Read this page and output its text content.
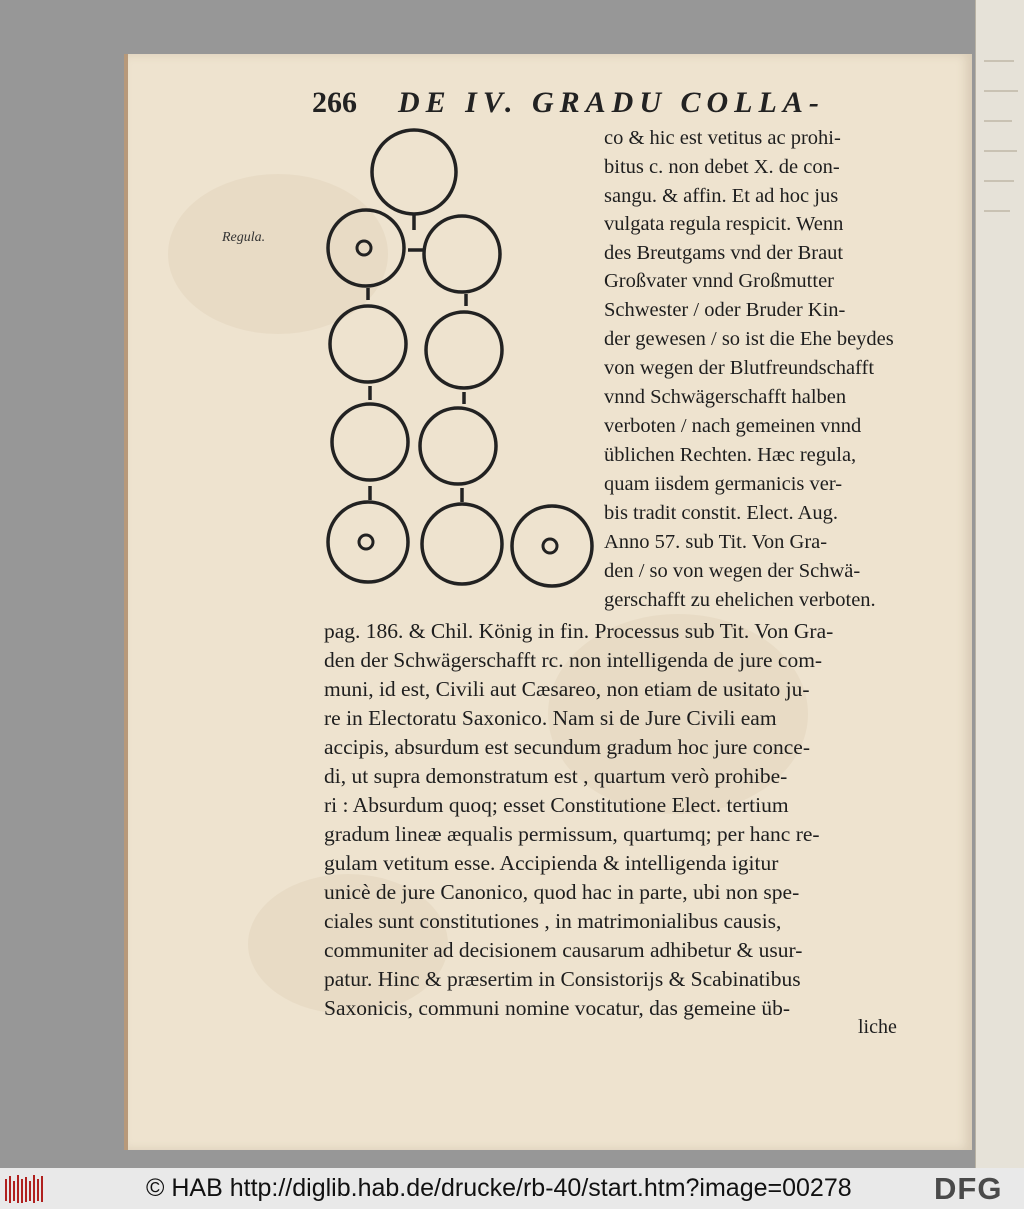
266 DE IV. GRADU COLLA-
Regula.
co & hic est vetitus ac prohi-
bitus c. non debet X. de con-
sangu. & affin. Et ad hoc jus
vulgata regula respicit. Wenn
des Breutgams vnd der Braut
Großvater vnnd Großmutter
Schwester / oder Bruder Kin-
der gewesen / so ist die Ehe beydes
von wegen der Blutfreundschafft
vnnd Schwägerschafft halben
verboten / nach gemeinen vnnd
üblichen Rechten. Hæc regula,
quam iisdem germanicis ver-
bis tradit constit. Elect. Aug.
Anno 57. sub Tit. Von Gra-
den / so von wegen der Schwä-
gerschafft zu ehelichen verboten.
pag. 186. & Chil. König in fin. Processus sub Tit. Von Gra-
den der Schwägerschafft rc. non intelligenda de jure com-
muni, id est, Civili aut Cæsareo, non etiam de usitato ju-
re in Electoratu Saxonico. Nam si de Jure Civili eam
accipis, absurdum est secundum gradum hoc jure conce-
di, ut supra demonstratum est , quartum verò prohibe-
ri : Absurdum quoq; esset Constitutione Elect. tertium
gradum lineæ æqualis permissum, quartumq; per hanc re-
gulam vetitum esse. Accipienda & intelligenda igitur
unicè de jure Canonico, quod hac in parte, ubi non spe-
ciales sunt constitutiones , in matrimonialibus causis,
communiter ad decisionem causarum adhibetur & usur-
patur. Hinc & præsertim in Consistorijs & Scabinatibus
Saxonicis, communi nomine vocatur, das gemeine üb-
liche
© HAB http://diglib.hab.de/drucke/rb-40/start.htm?image=00278	DFG
